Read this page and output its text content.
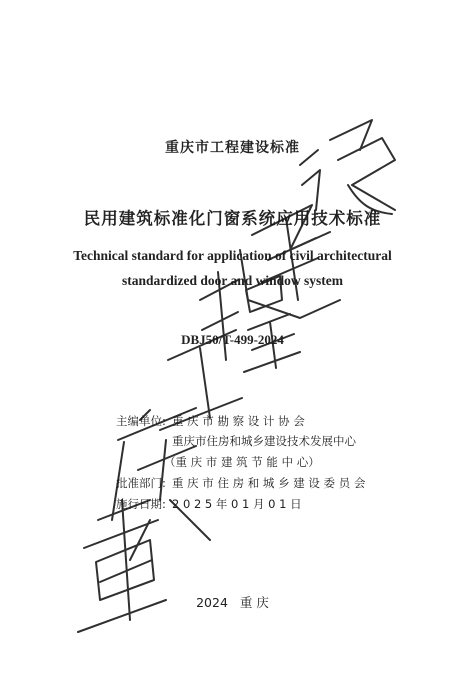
重庆市工程建设标准
民用建筑标准化门窗系统应用技术标准
Technical standard for application of civil architectural
standardized door and window system
DBJ50/T-499-2024
主编单位: 重 庆 市 勘 察 设 计 协 会
重庆市住房和城乡建设技术发展中心
（重 庆 市 建 筑 节 能 中 心）
批准部门: 重 庆 市 住 房 和 城 乡 建 设 委 员 会
施行日期: 2 0 2 5 年 0 1 月 0 1 日
2024 重 庆
